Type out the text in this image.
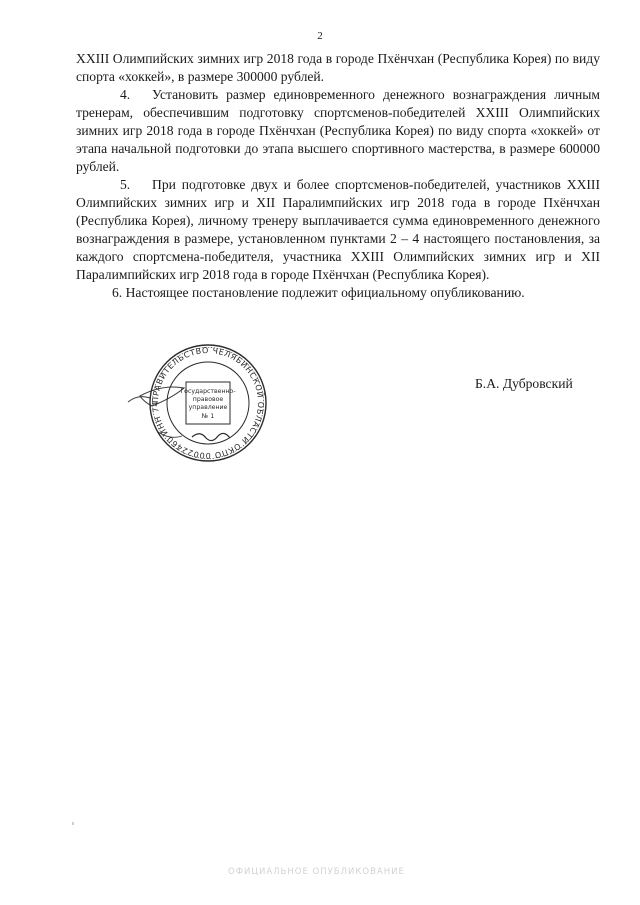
2

XXIII Олимпийских зимних игр 2018 года в городе Пхёнчхан (Республика Корея) по виду спорта «хоккей», в размере 300000 рублей.

4. Установить размер единовременного денежного вознаграждения личным тренерам, обеспечившим подготовку спортсменов-победителей XXIII Олимпийских зимних игр 2018 года в городе Пхёнчхан (Республика Корея) по виду спорта «хоккей» от этапа начальной подготовки до этапа высшего спортивного мастерства, в размере 600000 рублей.

5. При подготовке двух и более спортсменов-победителей, участников XXIII Олимпийских зимних игр и XII Паралимпийских игр 2018 года в городе Пхёнчхан (Республика Корея), личному тренеру выплачивается сумма единовременного денежного вознаграждения в размере, установленном пунктами 2 – 4 настоящего постановления, за каждого спортсмена-победителя, участника XXIII Олимпийских зимних игр и XII Паралимпийских игр 2018 года в городе Пхёнчхан (Республика Корея).

6. Настоящее постановление подлежит официальному опубликованию.

ПРАВИТЕЛЬСТВО ЧЕЛЯБИНСКОЙ ОБЛАСТИ ОКПО 00022460 ИНН 74
Государственно-
правовое
управление
№ 1
Б.А. Дубровский
ОФИЦИАЛЬНОЕ ОПУБЛИКОВАНИЕ
